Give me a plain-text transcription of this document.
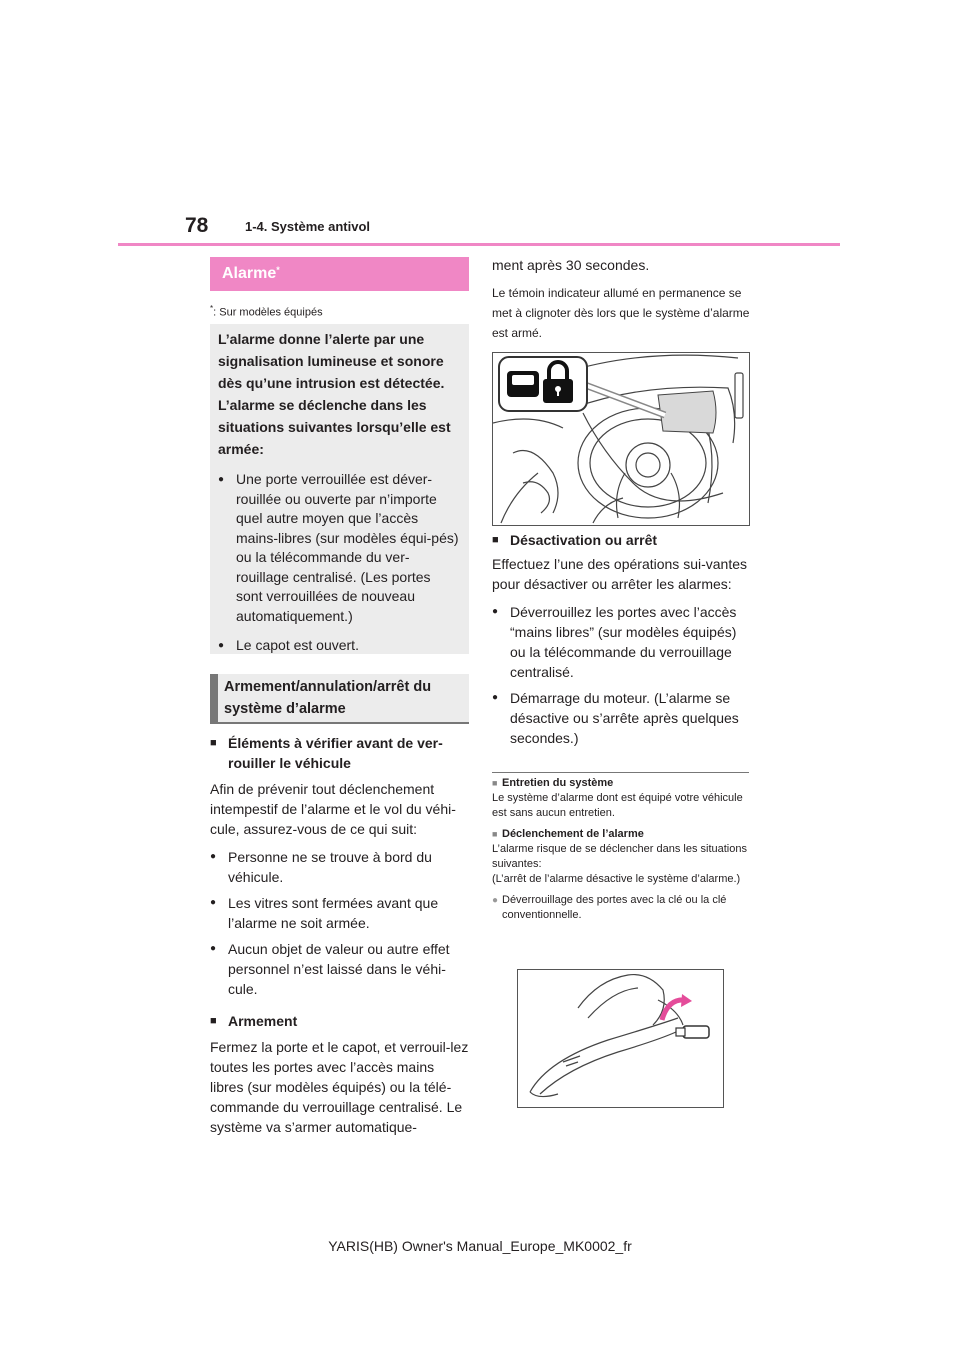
78	1-4. Système antivol
Alarme*
*: Sur modèles équipés

L’alarme donne l’alerte par une signalisation lumineuse et sonore dès qu’une intrusion est détectée. L’alarme se déclenche dans les situations suivantes lorsqu’elle est armée:

● Une porte verrouillée est déver-rouillée ou ouverte par n’importe quel autre moyen que l’accès mains-libres (sur modèles équi-pés) ou la télécommande du ver-rouillage centralisé. (Les portes sont verrouillées de nouveau automatiquement.)
● Le capot est ouvert.
Armement/annulation/arrêt du système d’alarme
■ Éléments à vérifier avant de ver-rouiller le véhicule

Afin de prévenir tout déclenchement intempestif de l’alarme et le vol du véhi-cule, assurez-vous de ce qui suit:

● Personne ne se trouve à bord du véhicule.
● Les vitres sont fermées avant que l’alarme ne soit armée.
● Aucun objet de valeur ou autre effet personnel n’est laissé dans le véhi-cule.
■ Armement

Fermez la porte et le capot, et verrouil-lez toutes les portes avec l’accès mains libres (sur modèles équipés) ou la télé-commande du verrouillage centralisé. Le système va s’armer automatique-

ment après 30 secondes.

Le témoin indicateur allumé en permanence se met à clignoter dès lors que le système d’alarme est armé.

■ Désactivation ou arrêt

Effectuez l’une des opérations sui-vantes pour désactiver ou arrêter les alarmes:

● Déverrouillez les portes avec l’accès “mains libres” (sur modèles équipés) ou la télécommande du verrouillage centralisé.
● Démarrage du moteur. (L’alarme se désactive ou s’arrête après quelques secondes.)
■ Entretien du système

Le système d’alarme dont est équipé votre véhicule est sans aucun entretien.

■ Déclenchement de l’alarme

L’alarme risque de se déclencher dans les situations suivantes:

(L’arrêt de l’alarme désactive le système d’alarme.)

● Déverrouillage des portes avec la clé ou la clé conventionnelle.
YARIS(HB) Owner's Manual_Europe_MK0002_fr
